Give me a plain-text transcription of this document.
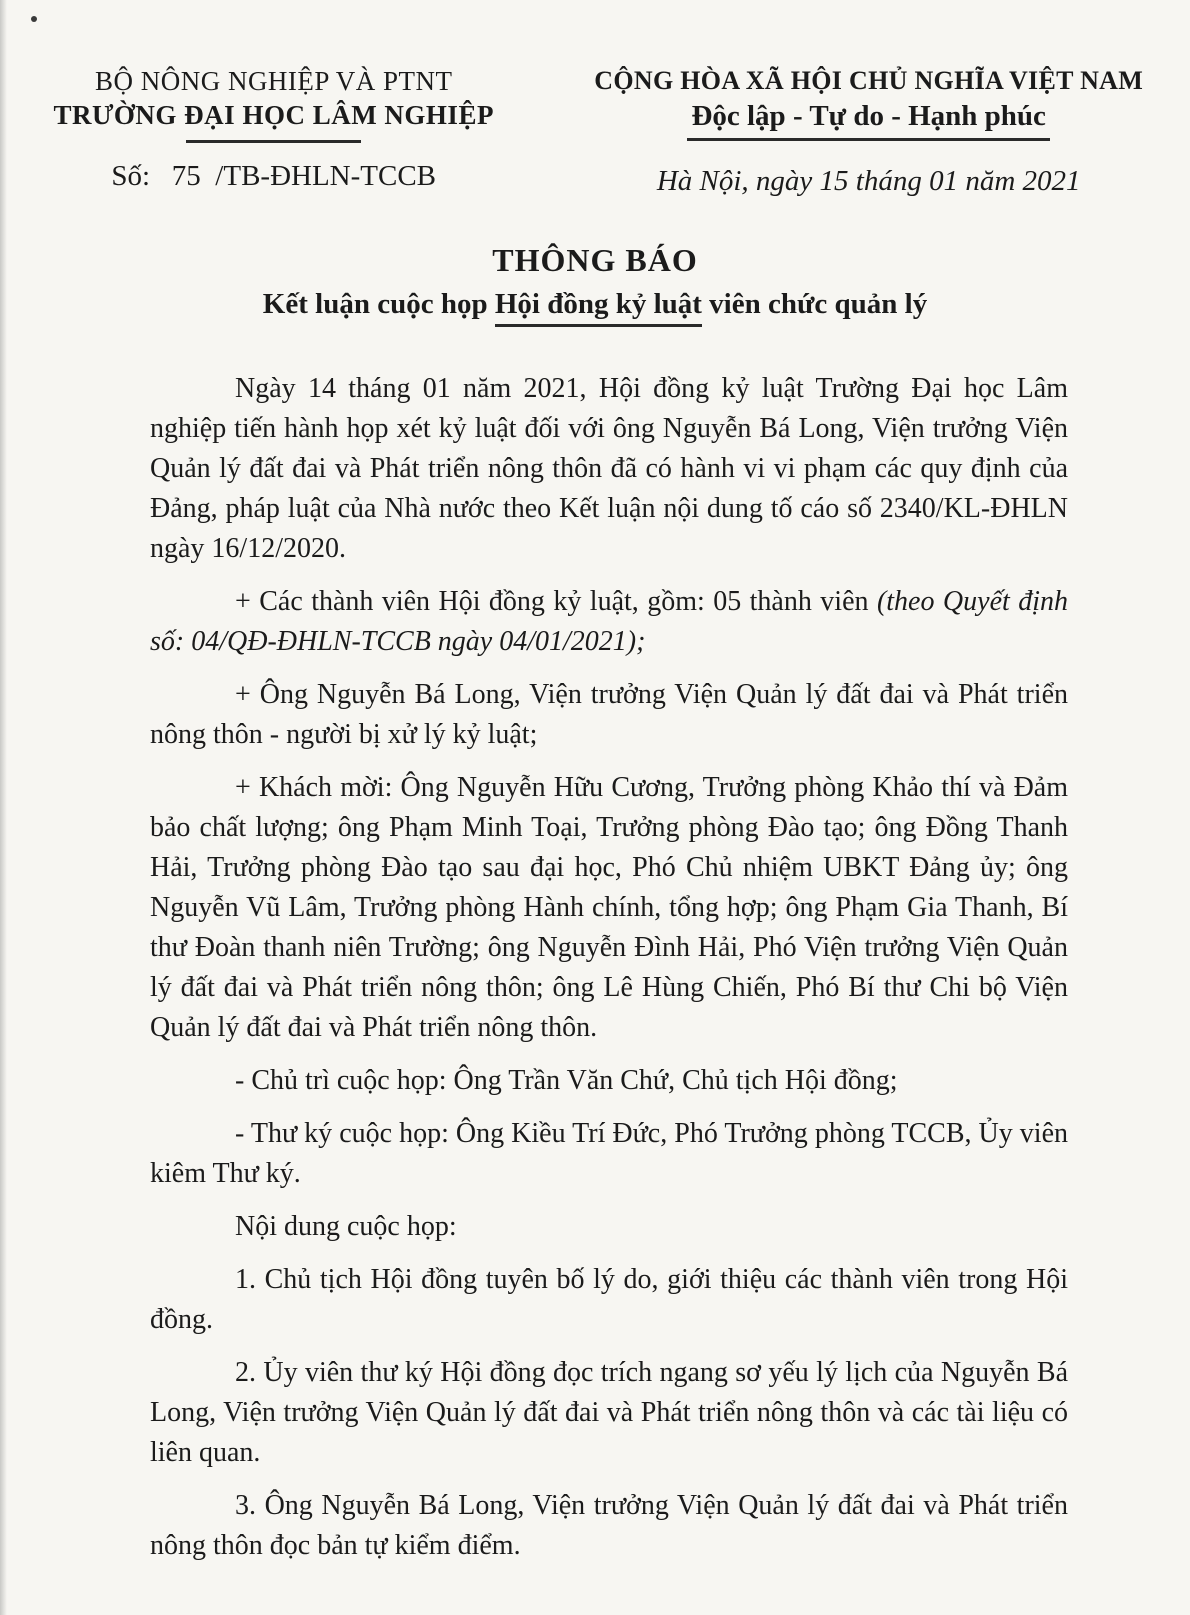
BỘ NÔNG NGHIỆP VÀ PTNT
TRƯỜNG ĐẠI HỌC LÂM NGHIỆP
Số:   75  /TB-ĐHLN-TCCB
CỘNG HÒA XÃ HỘI CHỦ NGHĨA VIỆT NAM
Độc lập - Tự do - Hạnh phúc
Hà Nội, ngày 15 tháng 01 năm 2021
THÔNG BÁO
Kết luận cuộc họp Hội đồng kỷ luật viên chức quản lý

Ngày 14 tháng 01 năm 2021, Hội đồng kỷ luật Trường Đại học Lâm nghiệp tiến hành họp xét kỷ luật đối với ông Nguyễn Bá Long, Viện trưởng Viện Quản lý đất đai và Phát triển nông thôn đã có hành vi vi phạm các quy định của Đảng, pháp luật của Nhà nước theo Kết luận nội dung tố cáo số 2340/KL-ĐHLN ngày 16/12/2020.

+ Các thành viên Hội đồng kỷ luật, gồm: 05 thành viên (theo Quyết định số: 04/QĐ-ĐHLN-TCCB ngày 04/01/2021);

+ Ông Nguyễn Bá Long, Viện trưởng Viện Quản lý đất đai và Phát triển nông thôn - người bị xử lý kỷ luật;

+ Khách mời: Ông Nguyễn Hữu Cương, Trưởng phòng Khảo thí và Đảm bảo chất lượng; ông Phạm Minh Toại, Trưởng phòng Đào tạo; ông Đồng Thanh Hải, Trưởng phòng Đào tạo sau đại học, Phó Chủ nhiệm UBKT Đảng ủy; ông Nguyễn Vũ Lâm, Trưởng phòng Hành chính, tổng hợp; ông Phạm Gia Thanh, Bí thư Đoàn thanh niên Trường; ông Nguyễn Đình Hải, Phó Viện trưởng Viện Quản lý đất đai và Phát triển nông thôn; ông Lê Hùng Chiến, Phó Bí thư Chi bộ Viện Quản lý đất đai và Phát triển nông thôn.

- Chủ trì cuộc họp: Ông Trần Văn Chứ, Chủ tịch Hội đồng;

- Thư ký cuộc họp: Ông Kiều Trí Đức, Phó Trưởng phòng TCCB, Ủy viên kiêm Thư ký.

Nội dung cuộc họp:

1. Chủ tịch Hội đồng tuyên bố lý do, giới thiệu các thành viên trong Hội đồng.

2. Ủy viên thư ký Hội đồng đọc trích ngang sơ yếu lý lịch của Nguyễn Bá Long, Viện trưởng Viện Quản lý đất đai và Phát triển nông thôn và các tài liệu có liên quan.

3. Ông Nguyễn Bá Long, Viện trưởng Viện Quản lý đất đai và Phát triển nông thôn đọc bản tự kiểm điểm.
